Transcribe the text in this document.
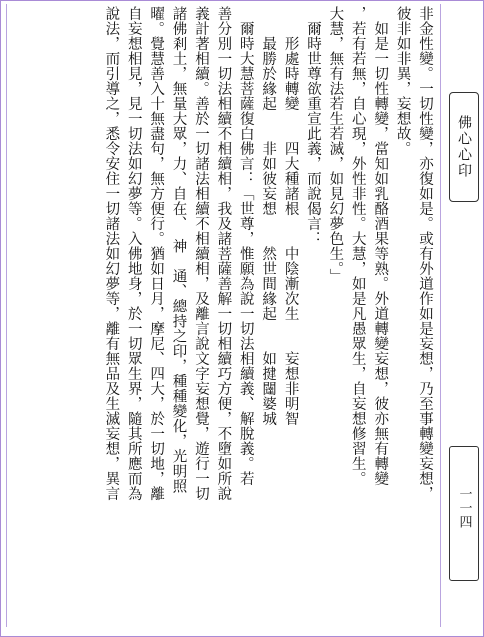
非金性變。一切性變，亦復如是。或有外道作如是妄想，乃至事轉變妄想，

彼非如非異，妄想故。

　如是一切性轉變，當知如乳酪酒果等熟。外道轉變妄想，彼亦無有轉變

，若有若無，自心現，外性非性。大慧，如是凡愚眾生，自妄想修習生。

大慧，無有法若生若滅，如見幻夢色生。」

　爾時世尊欲重宣此義，而說偈言：

　　形處時轉變　　四大種諸根　　中陰漸次生　　妄想非明智

　　最勝於緣起　　非如彼妄想　　然世間緣起　　如揵闥婆城

　爾時大慧菩薩復白佛言：「世尊，惟願為說一切法相續義、解脫義。若

善分別一切法相續不相續相，我及諸菩薩善解一切相續巧方便，不墮如所說

義計著相續。善於一切諸法相續不相續相，及離言說文字妄想覺，遊行一切

諸佛剎土，無量大眾，力、自在、　神　通、總持之印，種種變化，光明照

曜。覺慧善入十無盡句，無方便行。猶如日月，摩尼、四大，於一切地，離

自妄想相見，見一切法如幻夢等。入佛地身，於一切眾生界，隨其所應而為

說法，而引導之，悉令安住一切諸法如幻夢等，離有無品及生滅妄想，異言	佛心心印
一一四
